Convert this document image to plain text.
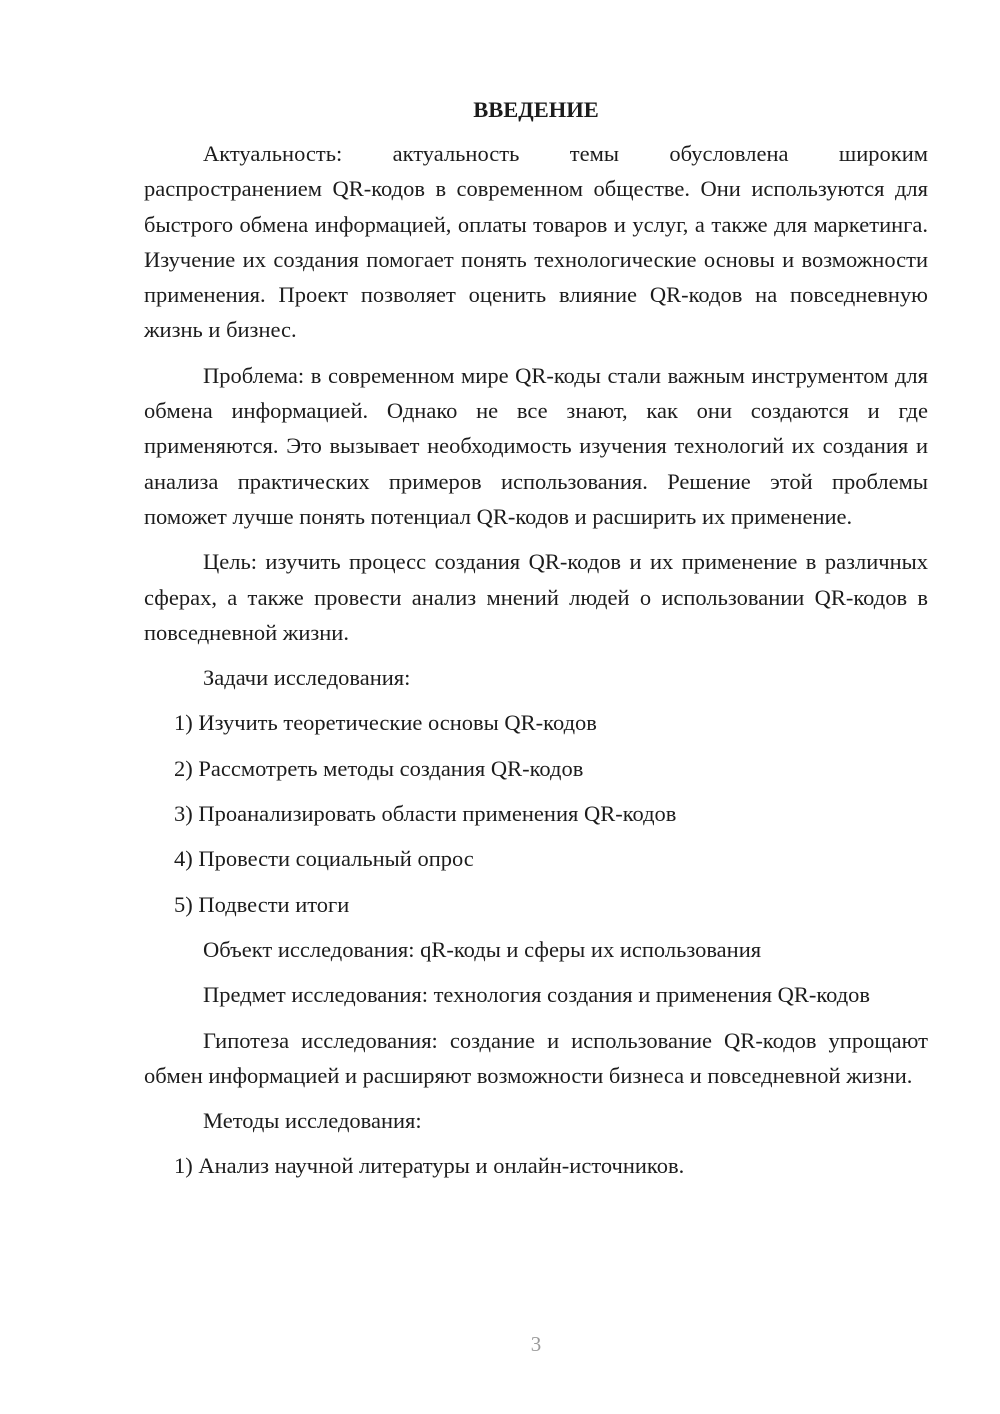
ВВЕДЕНИЕ

Актуальность: актуальность темы обусловлена широким распространением QR-кодов в современном обществе. Они используются для быстрого обмена информацией, оплаты товаров и услуг, а также для маркетинга. Изучение их создания помогает понять технологические основы и возможности применения. Проект позволяет оценить влияние QR-кодов на повседневную жизнь и бизнес.

Проблема: в современном мире QR-коды стали важным инструментом для обмена информацией. Однако не все знают, как они создаются и где применяются. Это вызывает необходимость изучения технологий их создания и анализа практических примеров использования. Решение этой проблемы поможет лучше понять потенциал QR-кодов и расширить их применение.

Цель: изучить процесс создания QR-кодов и их применение в различных сферах, а также провести анализ мнений людей о использовании QR-кодов в повседневной жизни.

Задачи исследования:

1) Изучить теоретические основы QR-кодов
2) Рассмотреть методы создания QR-кодов
3) Проанализировать области применения QR-кодов
4) Провести социальный опрос
5) Подвести итоги

Объект исследования: qR-коды и сферы их использования

Предмет исследования: технология создания и применения QR-кодов

Гипотеза исследования: создание и использование QR-кодов упрощают обмен информацией и расширяют возможности бизнеса и повседневной жизни.

Методы исследования:

1) Анализ научной литературы и онлайн-источников.
3
